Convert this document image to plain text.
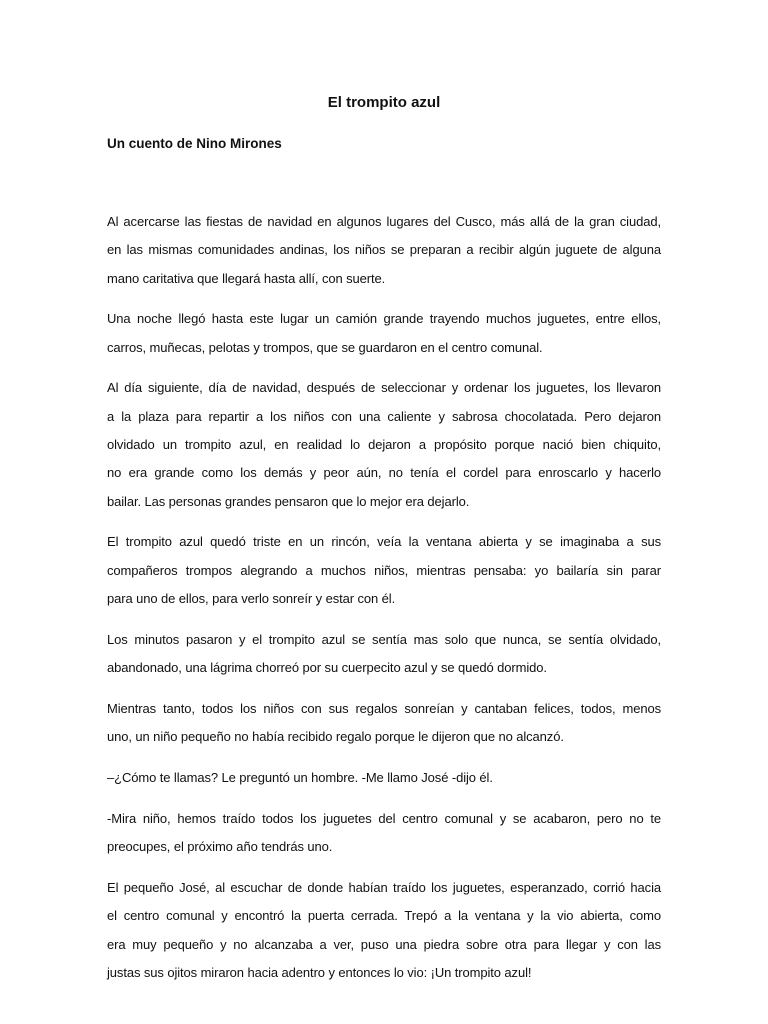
El trompito azul
Un cuento de Nino Mirones

Al acercarse las fiestas de navidad en algunos lugares del Cusco, más allá de la gran ciudad,
en las mismas comunidades andinas, los niños se preparan a recibir algún juguete de alguna
mano caritativa que llegará hasta allí, con suerte.

Una noche llegó hasta este lugar un camión grande trayendo muchos juguetes, entre ellos,
carros, muñecas, pelotas y trompos, que se guardaron en el centro comunal.

Al día siguiente, día de navidad, después de seleccionar y ordenar los juguetes, los llevaron
a la plaza para repartir a los niños con una caliente y sabrosa chocolatada. Pero dejaron
olvidado un trompito azul, en realidad lo dejaron a propósito porque nació bien chiquito,
no era grande como los demás y peor aún, no tenía el cordel para enroscarlo y hacerlo
bailar. Las personas grandes pensaron que lo mejor era dejarlo.

El trompito azul quedó triste en un rincón, veía la ventana abierta y se imaginaba a sus
compañeros trompos alegrando a muchos niños, mientras pensaba: yo bailaría sin parar
para uno de ellos, para verlo sonreír y estar con él.

Los minutos pasaron y el trompito azul se sentía mas solo que nunca, se sentía olvidado,
abandonado, una lágrima chorreó por su cuerpecito azul y se quedó dormido.

Mientras tanto, todos los niños con sus regalos sonreían y cantaban felices, todos, menos
uno, un niño pequeño no había recibido regalo porque le dijeron que no alcanzó.

–¿Cómo te llamas? Le preguntó un hombre. -Me llamo José -dijo él.

-Mira niño, hemos traído todos los juguetes del centro comunal y se acabaron, pero no te
preocupes, el próximo año tendrás uno.

El pequeño José, al escuchar de donde habían traído los juguetes, esperanzado, corrió hacia
el centro comunal y encontró la puerta cerrada. Trepó a la ventana y la vio abierta, como
era muy pequeño y no alcanzaba a ver, puso una piedra sobre otra para llegar y con las
justas sus ojitos miraron hacia adentro y entonces lo vio: ¡Un trompito azul!
